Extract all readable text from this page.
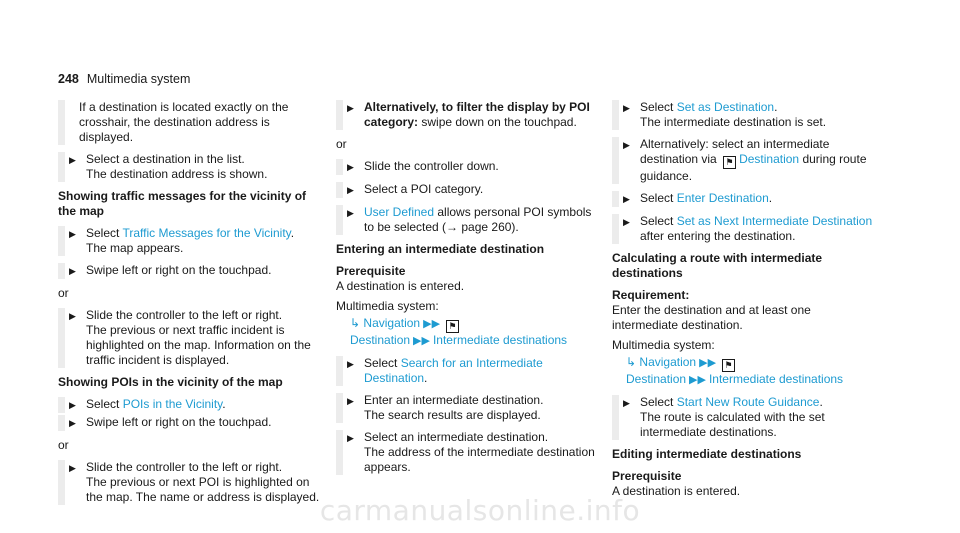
248 Multimedia system
If a destination is located exactly on the crosshair, the destination address is displayed.
▶ Select a destination in the list.
The destination address is shown.
Showing traffic messages for the vicinity of the map
▶ Select Traffic Messages for the Vicinity.
The map appears.
▶ Swipe left or right on the touchpad.
or
▶ Slide the controller to the left or right.
The previous or next traffic incident is highlighted on the map. Information on the traffic incident is displayed.
Showing POIs in the vicinity of the map
▶ Select POIs in the Vicinity.
▶ Swipe left or right on the touchpad.
or
▶ Slide the controller to the left or right.
The previous or next POI is highlighted on the map. The name or address is displayed.
▶ Alternatively, to filter the display by POI category: swipe down on the touchpad.
or
▶ Slide the controller down.
▶ Select a POI category.
▶ User Defined allows personal POI symbols to be selected (→ page 260).
Entering an intermediate destination
Prerequisite
A destination is entered.
Multimedia system:
↳ Navigation ▶▶ ⚑Destination ▶▶ Intermediate destinations
▶ Select Search for an Intermediate Destination.
▶ Enter an intermediate destination.
The search results are displayed.
▶ Select an intermediate destination.
The address of the intermediate destination appears.
▶ Select Set as Destination.
The intermediate destination is set.
▶ Alternatively: select an intermediate destination via ⚑ Destination during route guidance.
▶ Select Enter Destination.
▶ Select Set as Next Intermediate Destination
after entering the destination.
Calculating a route with intermediate destinations
Requirement:
Enter the destination and at least one intermediate destination.
Multimedia system:
↳ Navigation ▶▶ ⚑Destination ▶▶ Intermediate destinations
▶ Select Start New Route Guidance.
The route is calculated with the set intermediate destinations.
Editing intermediate destinations
Prerequisite
A destination is entered.
carmanualsonline.info
